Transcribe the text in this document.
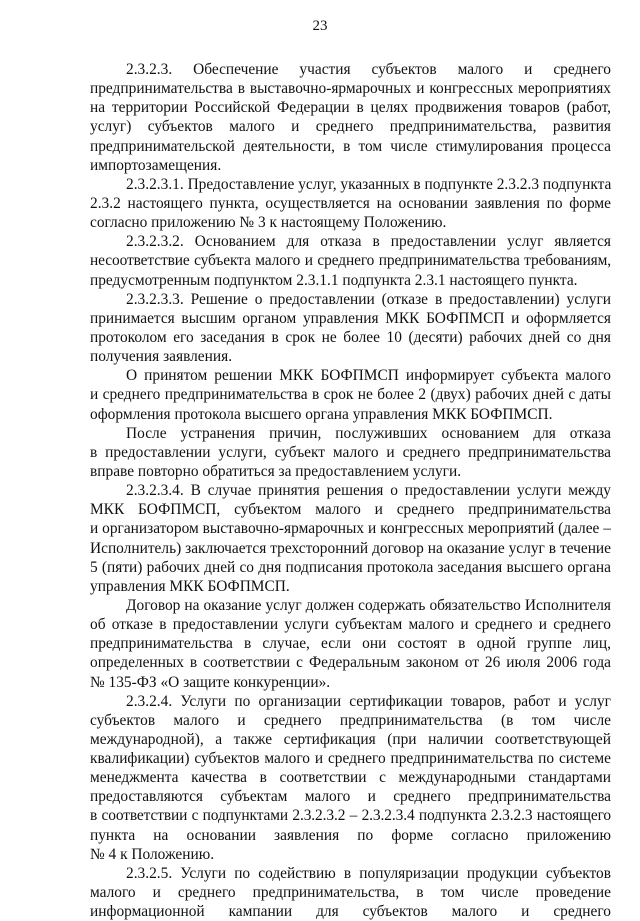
23
2.3.2.3. Обеспечение участия субъектов малого и среднего
предпринимательства в выставочно-ярмарочных и конгрессных мероприятиях
на территории Российской Федерации в целях продвижения товаров (работ,
услуг) субъектов малого и среднего предпринимательства, развития
предпринимательской деятельности, в том числе стимулирования процесса
импортозамещения.
2.3.2.3.1. Предоставление услуг, указанных в подпункте 2.3.2.3 подпункта
2.3.2 настоящего пункта, осуществляется на основании заявления по форме
согласно приложению № 3 к настоящему Положению.
2.3.2.3.2. Основанием для отказа в предоставлении услуг является
несоответствие субъекта малого и среднего предпринимательства требованиям,
предусмотренным подпунктом 2.3.1.1 подпункта 2.3.1 настоящего пункта.
2.3.2.3.3. Решение о предоставлении (отказе в предоставлении) услуги
принимается высшим органом управления МКК БОФПМСП и оформляется
протоколом его заседания в срок не более 10 (десяти) рабочих дней со дня
получения заявления.
О принятом решении МКК БОФПМСП информирует субъекта малого
и среднего предпринимательства в срок не более 2 (двух) рабочих дней с даты
оформления протокола высшего органа управления МКК БОФПМСП.
После устранения причин, послуживших основанием для отказа
в предоставлении услуги, субъект малого и среднего предпринимательства
вправе повторно обратиться за предоставлением услуги.
2.3.2.3.4. В случае принятия решения о предоставлении услуги между
МКК БОФПМСП, субъектом малого и среднего предпринимательства
и организатором выставочно-ярмарочных и конгрессных мероприятий (далее –
Исполнитель) заключается трехсторонний договор на оказание услуг в течение
5 (пяти) рабочих дней со дня подписания протокола заседания высшего органа
управления МКК БОФПМСП.
Договор на оказание услуг должен содержать обязательство Исполнителя
об отказе в предоставлении услуги субъектам малого и среднего и среднего
предпринимательства в случае, если они состоят в одной группе лиц,
определенных в соответствии с Федеральным законом от 26 июля 2006 года
№ 135-ФЗ «О защите конкуренции».
2.3.2.4. Услуги по организации сертификации товаров, работ и услуг
субъектов малого и среднего предпринимательства (в том числе
международной), а также сертификация (при наличии соответствующей
квалификации) субъектов малого и среднего предпринимательства по системе
менеджмента качества в соответствии с международными стандартами
предоставляются субъектам малого и среднего предпринимательства
в соответствии с подпунктами 2.3.2.3.2 – 2.3.2.3.4 подпункта 2.3.2.3 настоящего
пункта на основании заявления по форме согласно приложению
№ 4 к Положению.
2.3.2.5. Услуги по содействию в популяризации продукции субъектов
малого и среднего предпринимательства, в том числе проведение
информационной кампании для субъектов малого и среднего
